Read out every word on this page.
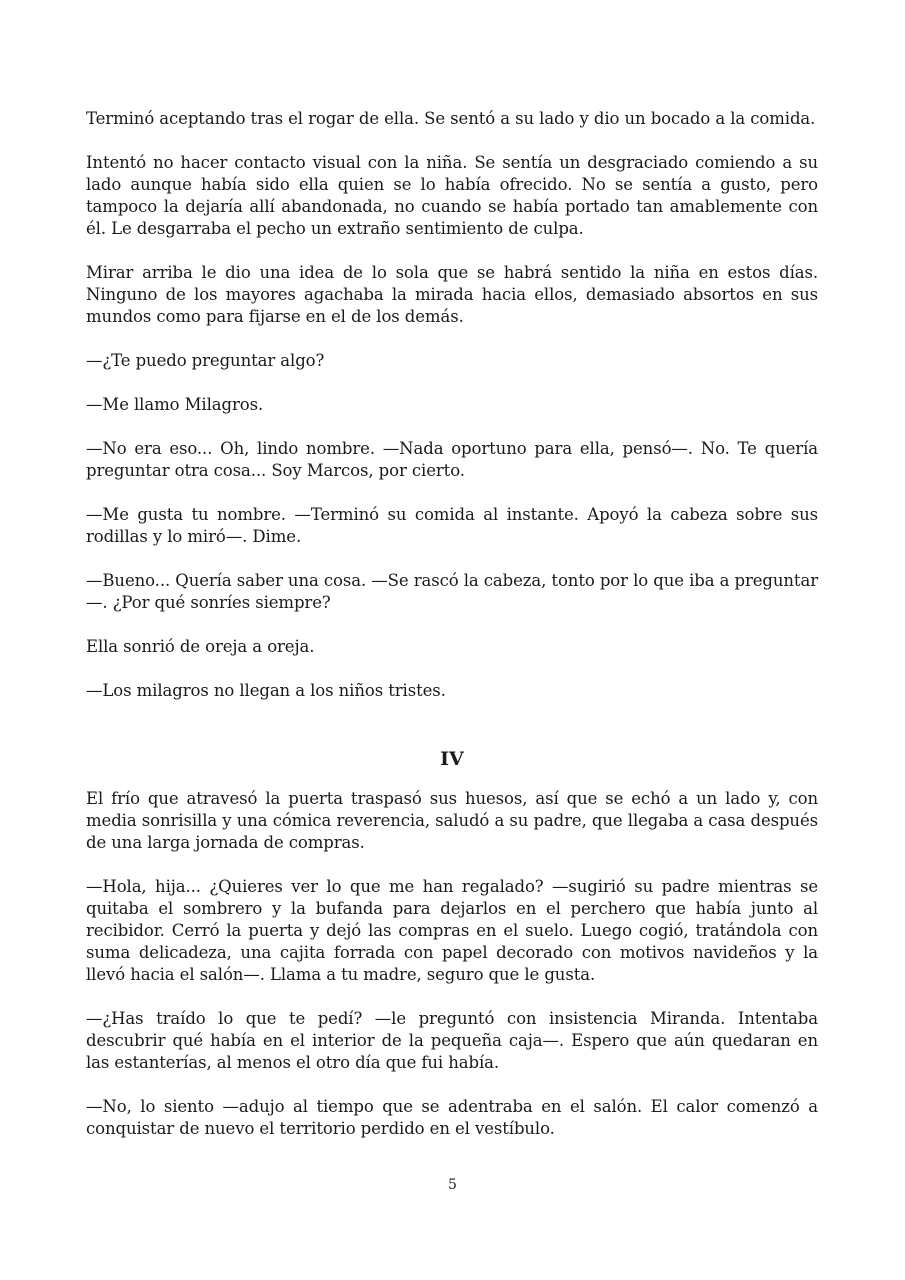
Terminó aceptando tras el rogar de ella. Se sentó a su lado y dio un bocado a la comida.

Intentó no hacer contacto visual con la niña. Se sentía un desgraciado comiendo a su lado aunque había sido ella quien se lo había ofrecido. No se sentía a gusto, pero tampoco la dejaría allí abandonada, no cuando se había portado tan amablemente con él. Le desgarraba el pecho un extraño sentimiento de culpa.

Mirar arriba le dio una idea de lo sola que se habrá sentido la niña en estos días. Ninguno de los mayores agachaba la mirada hacia ellos, demasiado absortos en sus mundos como para fijarse en el de los demás.

—¿Te puedo preguntar algo?

—Me llamo Milagros.

—No era eso... Oh, lindo nombre. —Nada oportuno para ella, pensó—. No. Te quería preguntar otra cosa... Soy Marcos, por cierto.

—Me gusta tu nombre. —Terminó su comida al instante. Apoyó la cabeza sobre sus rodillas y lo miró—. Dime.

—Bueno... Quería saber una cosa. —Se rascó la cabeza, tonto por lo que iba a preguntar—. ¿Por qué sonríes siempre?

Ella sonrió de oreja a oreja.

—Los milagros no llegan a los niños tristes.

IV

El frío que atravesó la puerta traspasó sus huesos, así que se echó a un lado y, con media sonrisilla y una cómica reverencia, saludó a su padre, que llegaba a casa después de una larga jornada de compras.

—Hola, hija... ¿Quieres ver lo que me han regalado? —sugirió su padre mientras se quitaba el sombrero y la bufanda para dejarlos en el perchero que había junto al recibidor. Cerró la puerta y dejó las compras en el suelo. Luego cogió, tratándola con suma delicadeza, una cajita forrada con papel decorado con motivos navideños y la llevó hacia el salón—. Llama a tu madre, seguro que le gusta.

—¿Has traído lo que te pedí? —le preguntó con insistencia Miranda. Intentaba descubrir qué había en el interior de la pequeña caja—. Espero que aún quedaran en las estanterías, al menos el otro día que fui había.

—No, lo siento —adujo al tiempo que se adentraba en el salón. El calor comenzó a conquistar de nuevo el territorio perdido en el vestíbulo.

5
